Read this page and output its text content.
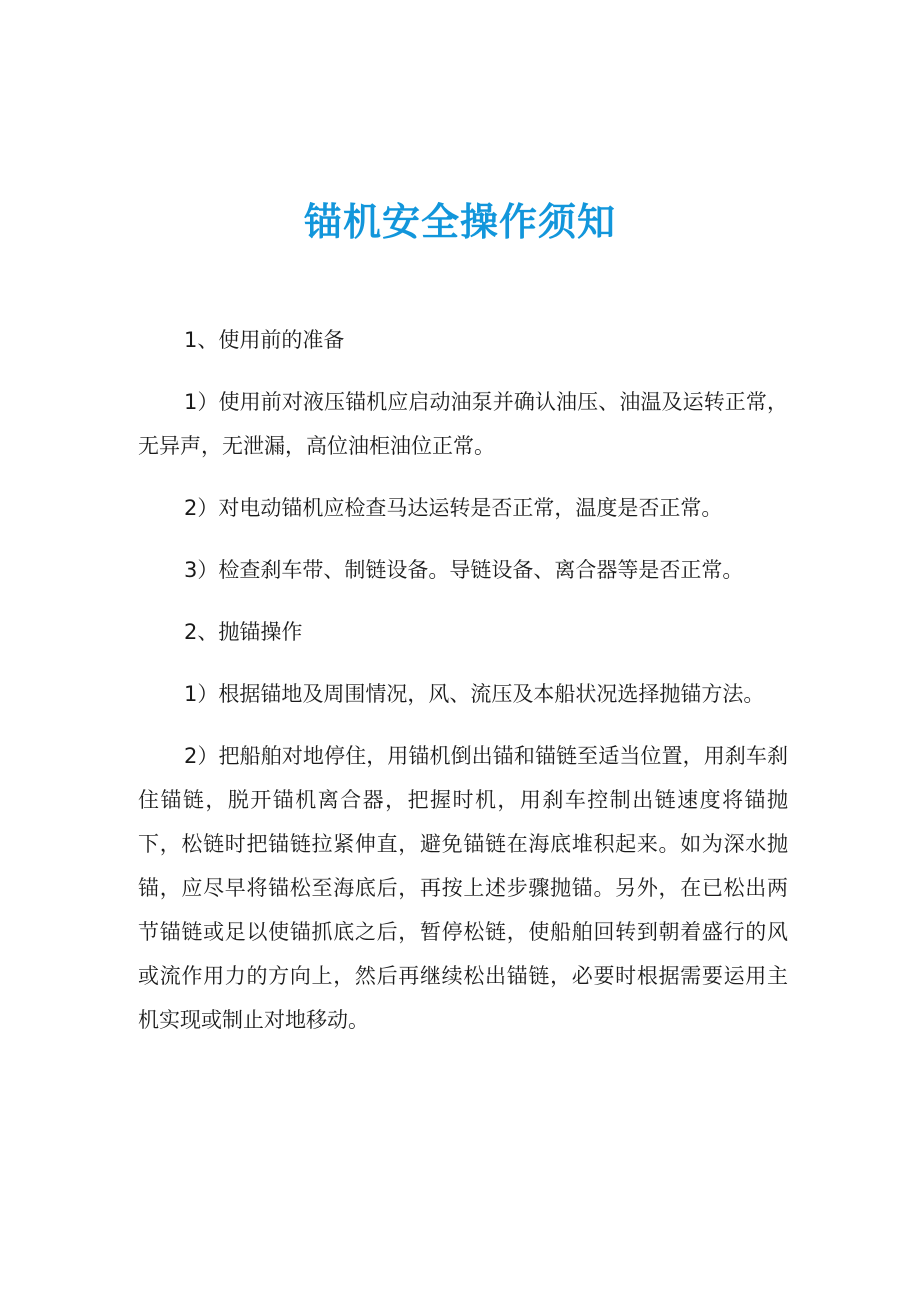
锚机安全操作须知

1、使用前的准备

1）使用前对液压锚机应启动油泵并确认油压、油温及运转正常，无异声，无泄漏，高位油柜油位正常。

2）对电动锚机应检查马达运转是否正常，温度是否正常。

3）检查刹车带、制链设备。导链设备、离合器等是否正常。

2、抛锚操作

1）根据锚地及周围情况，风、流压及本船状况选择抛锚方法。

2）把船舶对地停住，用锚机倒出锚和锚链至适当位置，用刹车刹住锚链，脱开锚机离合器，把握时机，用刹车控制出链速度将锚抛下，松链时把锚链拉紧伸直，避免锚链在海底堆积起来。如为深水抛锚，应尽早将锚松至海底后，再按上述步骤抛锚。另外，在已松出两节锚链或足以使锚抓底之后，暂停松链，使船舶回转到朝着盛行的风或流作用力的方向上，然后再继续松出锚链，必要时根据需要运用主机实现或制止对地移动。
